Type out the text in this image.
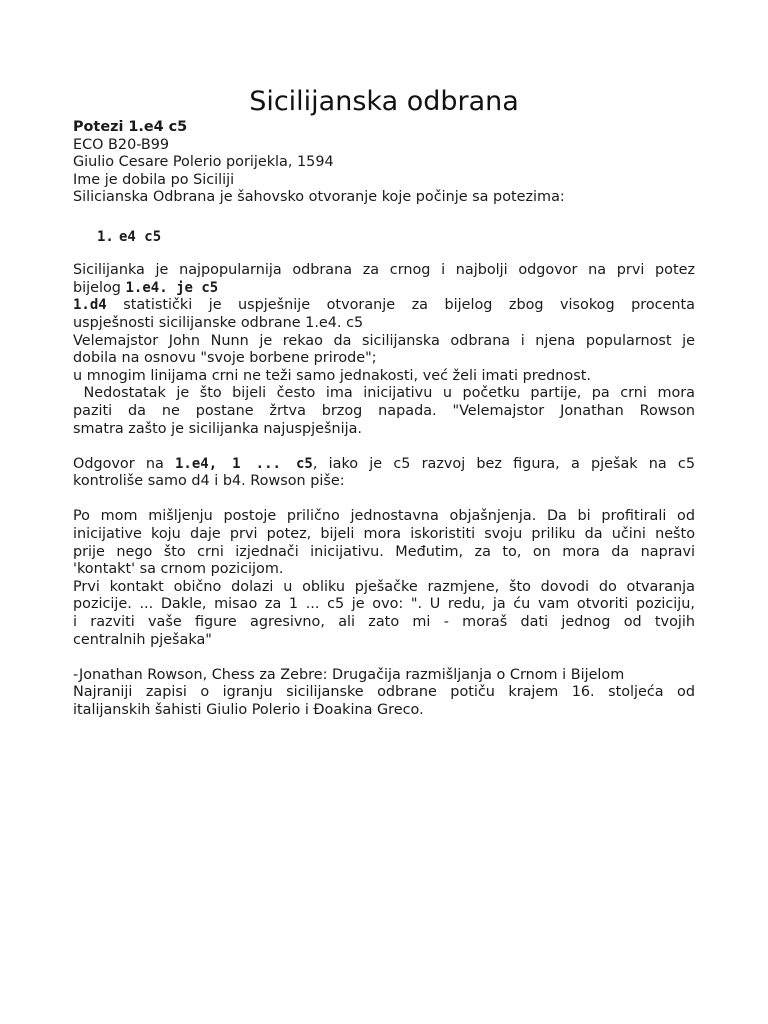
Sicilijanska odbrana
Potezi 1.e4 c5
ECO B20-B99
Giulio Cesare Polerio porijekla, 1594
Ime je dobila po Siciliji
Silicianska Odbrana je šahovsko otvoranje koje počinje sa potezima:
1. e4 c5
Sicilijanka je najpopularnija odbrana za crnog i najbolji odgovor na prvi potez
bijelog 1.e4. je c5
1.d4 statistički je uspješnije otvoranje za bijelog zbog visokog procenta
uspješnosti sicilijanske odbrane 1.e4. c5
Velemajstor John Nunn je rekao da sicilijanska odbrana i njena popularnost je
dobila na osnovu "svoje borbene prirode";
u mnogim linijama crni ne teži samo jednakosti, već želi imati prednost.
Nedostatak je što bijeli često ima inicijativu u početku partije, pa crni mora
paziti da ne postane žrtva brzog napada. "Velemajstor Jonathan Rowson
smatra zašto je sicilijanka najuspješnija.
Odgovor na 1.e4, 1 ... c5, iako je c5 razvoj bez figura, a pješak na c5
kontroliše samo d4 i b4. Rowson piše:
Po mom mišljenju postoje prilično jednostavna objašnjenja. Da bi profitirali od
inicijative koju daje prvi potez, bijeli mora iskoristiti svoju priliku da učini nešto
prije nego što crni izjednači inicijativu. Međutim, za to, on mora da napravi
'kontakt' sa crnom pozicijom.
Prvi kontakt obično dolazi u obliku pješačke razmjene, što dovodi do otvaranja
pozicije. ... Dakle, misao za 1 ... c5 je ovo: ". U redu, ja ću vam otvoriti poziciju,
i razviti vaše figure agresivno, ali zato mi - moraš dati jednog od tvojih
centralnih pješaka"
-Jonathan Rowson, Chess za Zebre: Drugačija razmišljanja o Crnom i Bijelom
Najraniji zapisi o igranju sicilijanske odbrane potiču krajem 16. stoljeća od
italijanskih šahisti Giulio Polerio i Đoakina Greco.
